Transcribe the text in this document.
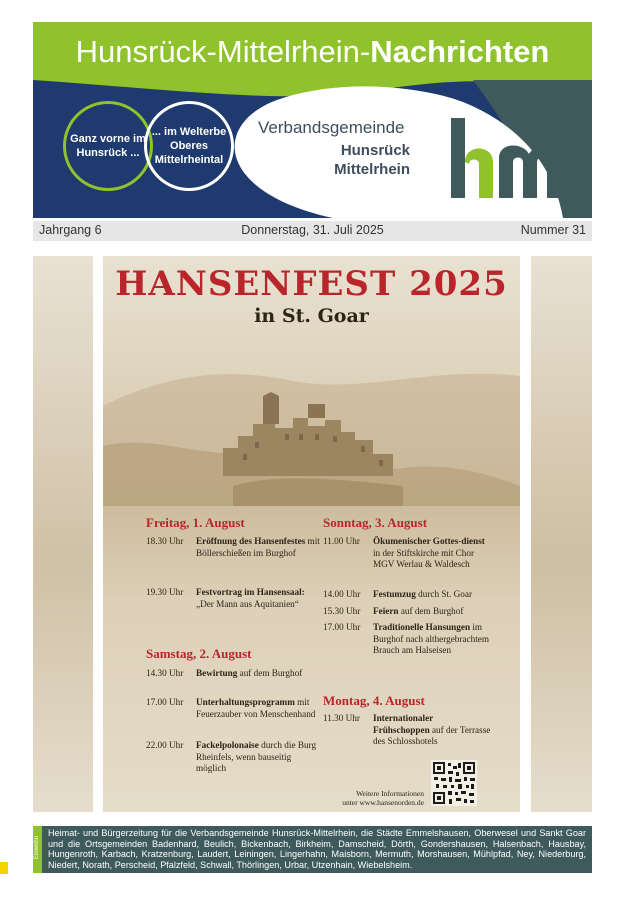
Hunsrück-Mittelrhein-Nachrichten
Ganz vorne im Hunsrück ...
... im Welterbe Oberes Mittelrheintal
Verbandsgemeinde
Hunsrück
Mittelrhein
Jahrgang 6	Donnerstag, 31. Juli 2025	Nummer 31
HANSENFEST 2025
in St. Goar
Freitag, 1. August
18.30 Uhr	Eröffnung des Hansenfestes mit Böllerschießen im Burghof
19.30 Uhr	Festvortrag im Hansensaal: „Der Mann aus Aquitanien“
Samstag, 2. August
14.30 Uhr	Bewirtung auf dem Burghof
17.00 Uhr	Unterhaltungsprogramm mit Feuerzauber von Menschenhand
22.00 Uhr	Fackelpolonaise durch die Burg Rheinfels, wenn bauseitig möglich
Sonntag, 3. August
11.00 Uhr	Ökumenischer Gottes-dienst in der Stiftskirche mit Chor MGV Werlau & Waldesch
14.00 Uhr	Festumzug durch St. Goar
15.30 Uhr	Feiern auf dem Burghof
17.00 Uhr	Traditionelle Hansungen im Burghof nach althergebrachtem Brauch am Halseisen
Montag, 4. August
11.30 Uhr	Internationaler Frühschoppen auf der Terrasse des Schlosshotels
Weitere Informationen
unter www.hansenorden.de
Einwohn
Heimat- und Bürgerzeitung für die Verbandsgemeinde Hunsrück-Mittelrhein, die Städte Emmelshausen, Oberwesel und Sankt Goar und die Ortsgemeinden Badenhard, Beulich, Bickenbach, Birkheim, Damscheid, Dörth, Gondershausen, Halsenbach, Hausbay, Hungenroth, Karbach, Kratzenburg, Laudert, Leiningen, Lingerhahn, Maisborn, Mermuth, Morshausen, Mühlpfad, Ney, Niederburg, Niedert, Norath, Perscheid, Pfalzfeld, Schwall, Thörlingen, Urbar, Utzenhain, Wiebelsheim.
